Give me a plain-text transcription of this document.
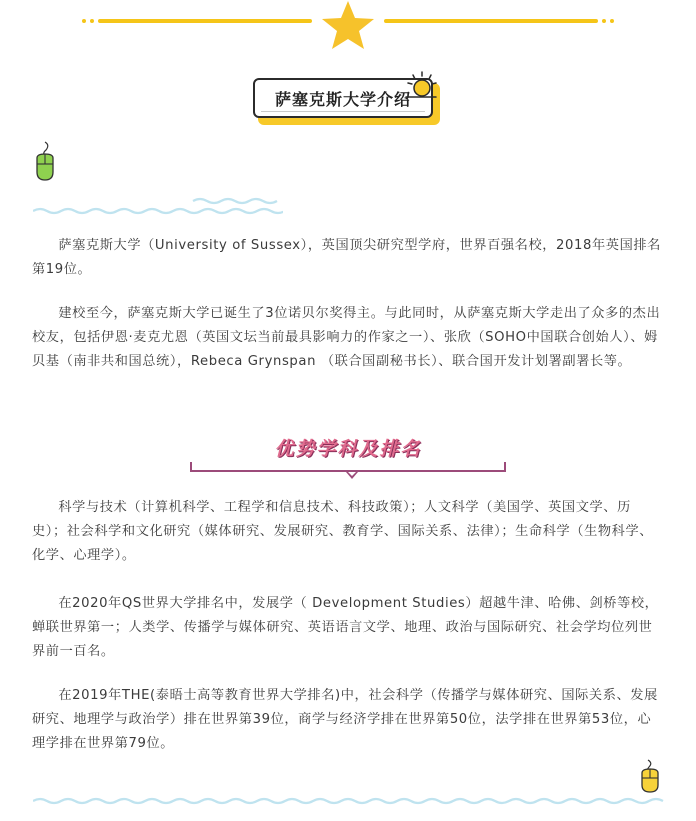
萨塞克斯大学介绍

萨塞克斯大学（University of Sussex），英国顶尖研究型学府，世界百强名校，2018年英国排名第19位。

建校至今，萨塞克斯大学已诞生了3位诺贝尔奖得主。与此同时，从萨塞克斯大学走出了众多的杰出校友，包括伊恩·麦克尤恩（英国文坛当前最具影响力的作家之一）、张欣（SOHO中国联合创始人）、姆贝基（南非共和国总统），Rebeca Grynspan （联合国副秘书长）、联合国开发计划署副署长等。

优势学科及排名

科学与技术（计算机科学、工程学和信息技术、科技政策）；人文科学（美国学、英国文学、历史）；社会科学和文化研究（媒体研究、发展研究、教育学、国际关系、法律）；生命科学（生物科学、化学、心理学）。

在2020年QS世界大学排名中，发展学（ Development Studies）超越牛津、哈佛、剑桥等校，蝉联世界第一；人类学、传播学与媒体研究、英语语言文学、地理、政治与国际研究、社会学均位列世界前一百名。

在2019年THE(泰晤士高等教育世界大学排名)中，社会科学（传播学与媒体研究、国际关系、发展研究、地理学与政治学）排在世界第39位，商学与经济学排在世界第50位，法学排在世界第53位，心理学排在世界第79位。
